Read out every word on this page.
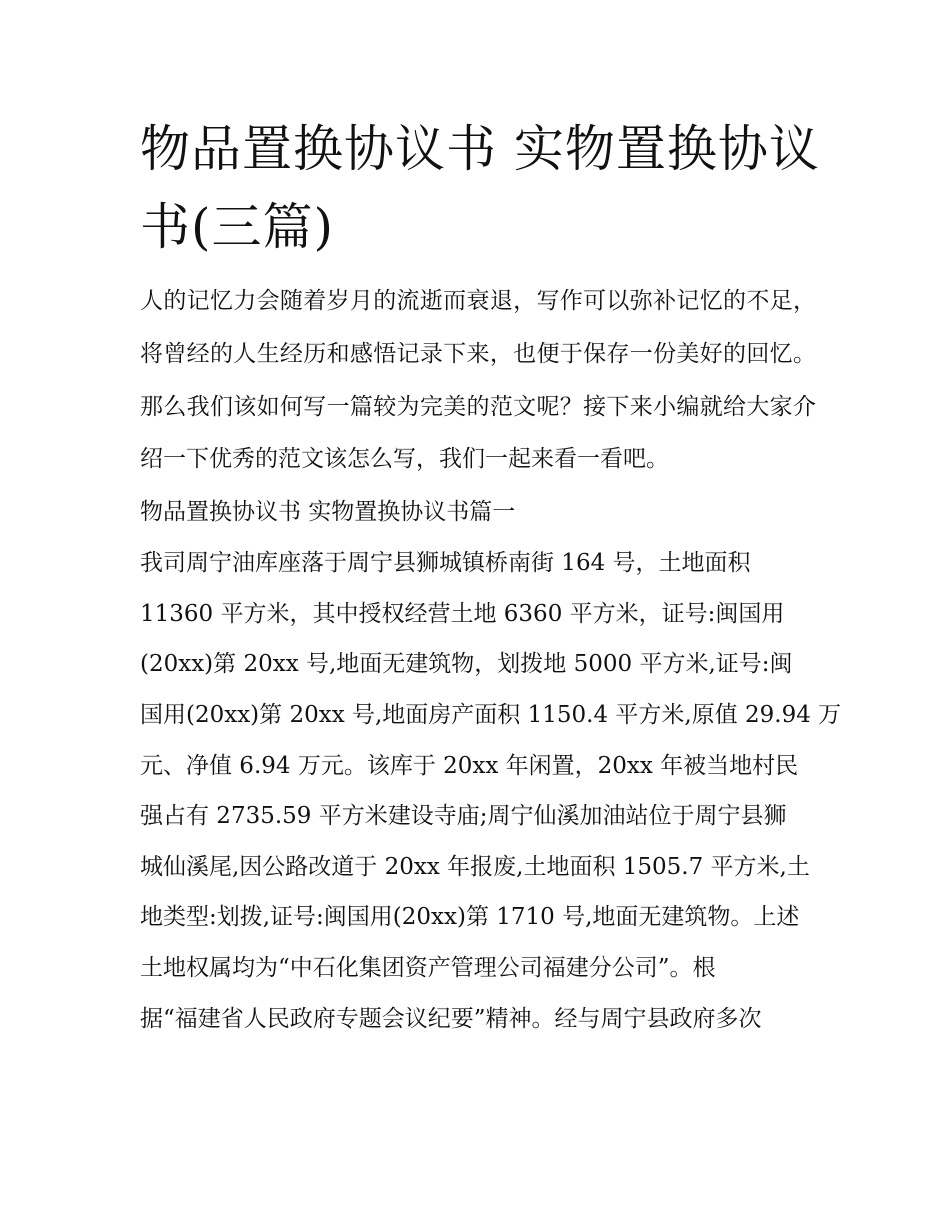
物品置换协议书 实物置换协议书(三篇)

人的记忆力会随着岁月的流逝而衰退，写作可以弥补记忆的不足，将曾经的人生经历和感悟记录下来，也便于保存一份美好的回忆。那么我们该如何写一篇较为完美的范文呢？接下来小编就给大家介绍一下优秀的范文该怎么写，我们一起来看一看吧。

物品置换协议书 实物置换协议书篇一
我司周宁油库座落于周宁县狮城镇桥南街 164 号，土地面积
11360 平方米，其中授权经营土地 6360 平方米，证号:闽国用
(20xx)第 20xx 号,地面无建筑物，划拨地 5000 平方米,证号:闽
国用(20xx)第 20xx 号,地面房产面积 1150.4 平方米,原值 29.94 万
元、净值 6.94 万元。该库于 20xx 年闲置，20xx 年被当地村民
强占有 2735.59 平方米建设寺庙;周宁仙溪加油站位于周宁县狮
城仙溪尾,因公路改道于 20xx 年报废,土地面积 1505.7 平方米,土
地类型:划拨,证号:闽国用(20xx)第 1710 号,地面无建筑物。上述
土地权属均为“中石化集团资产管理公司福建分公司”。根
据“福建省人民政府专题会议纪要”精神。经与周宁县政府多次
